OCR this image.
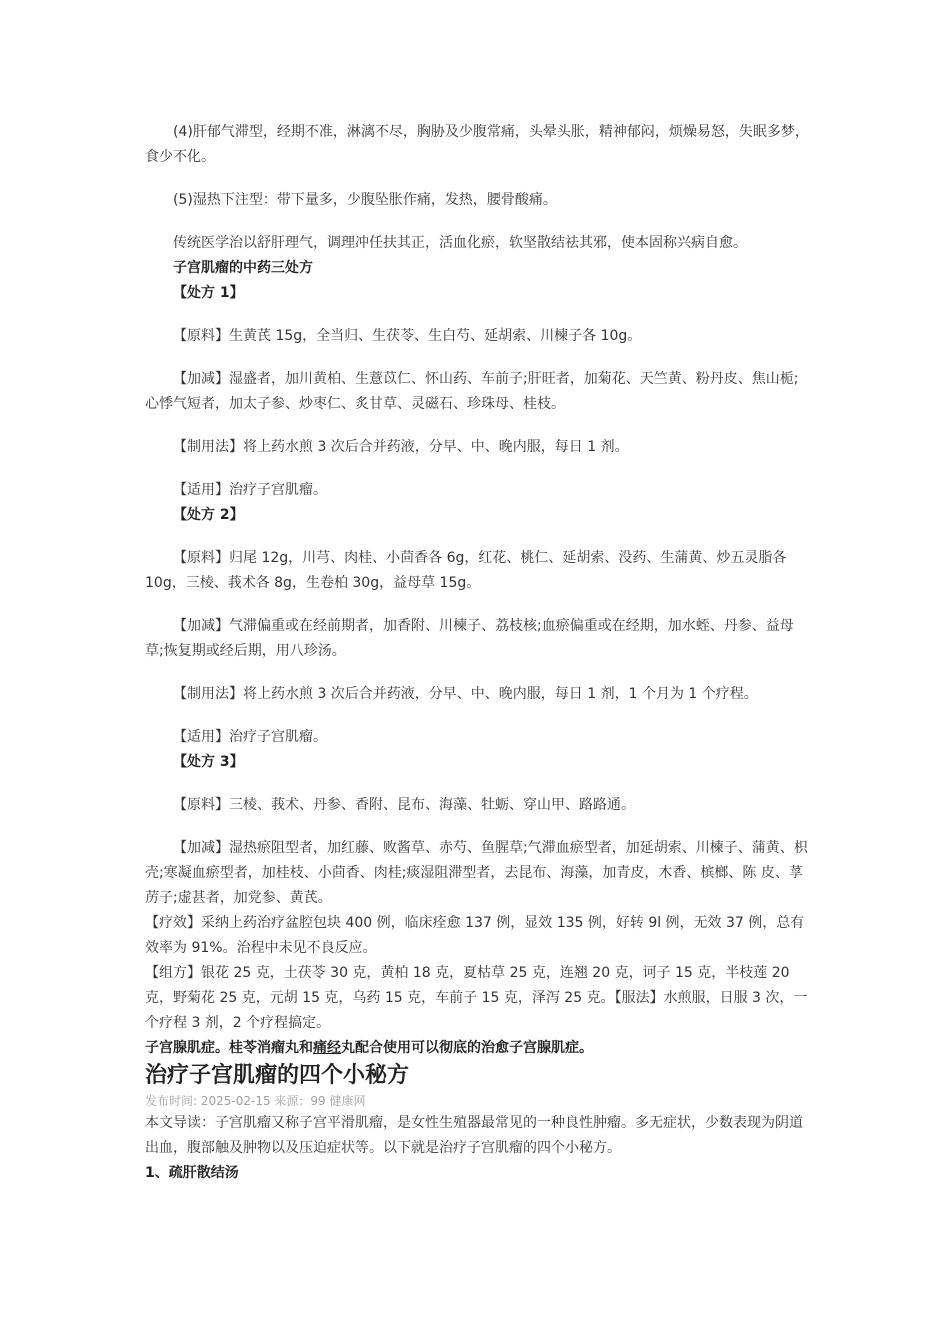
(4)肝郁气滞型，经期不准，淋漓不尽，胸胁及少腹常痛，头晕头胀，精神郁闷，烦燥易怒，失眠多梦，食少不化。

(5)湿热下注型：带下量多，少腹坠胀作痛，发热，腰骨酸痛。

传统医学治以舒肝理气，调理冲任扶其正，活血化瘀，软坚散结祛其邪，使本固称兴病自愈。

子宫肌瘤的中药三处方

【处方 1】

【原料】生黄芪 15g，全当归、生茯苓、生白芍、延胡索、川楝子各 10g。

【加减】湿盛者，加川黄柏、生薏苡仁、怀山药、车前子;肝旺者，加菊花、天竺黄、粉丹皮、焦山栀;心悸气短者，加太子参、炒枣仁、炙甘草、灵磁石、珍珠母、桂枝。

【制用法】将上药水煎 3 次后合并药液，分早、中、晚内服，每日 1 剂。

【适用】治疗子宫肌瘤。

【处方 2】

【原料】归尾 12g，川芎、肉桂、小茴香各 6g，红花、桃仁、延胡索、没药、生蒲黄、炒五灵脂各 10g，三棱、莪术各 8g，生卷柏 30g，益母草 15g。

【加减】气滞偏重或在经前期者，加香附、川楝子、荔枝核;血瘀偏重或在经期，加水蛭、丹参、益母草;恢复期或经后期，用八珍汤。

【制用法】将上药水煎 3 次后合并药液，分早、中、晚内服，每日 1 剂，1 个月为 1 个疗程。

【适用】治疗子宫肌瘤。

【处方 3】

【原料】三棱、莪术、丹参、香附、昆布、海藻、牡蛎、穿山甲、路路通。

【加减】湿热瘀阻型者，加红藤、败酱草、赤芍、鱼腥草;气滞血瘀型者，加延胡索、川楝子、蒲黄、枳壳;寒凝血瘀型者，加桂枝、小茴香、肉桂;痰湿阻滞型者，去昆布、海藻，加青皮，木香、槟榔、陈 皮、莩苈子;虚甚者，加党参、黄芪。

【疗效】采纳上药治疗盆腔包块 400 例，临床痊愈 137 例，显效 135 例，好转 9l 例，无效 37 例，总有效率为 91%。治程中未见不良反应。

【组方】银花 25 克，土茯苓 30 克，黄柏 18 克，夏枯草 25 克，连翘 20 克，诃子 15 克，半枝莲 20 克，野菊花 25 克，元胡 15 克，乌药 15 克，车前子 15 克，泽泻 25 克。【服法】水煎服，日服 3 次，一个疗程 3 剂，2 个疗程搞定。

子宫腺肌症。桂苓消瘤丸和痛经丸配合使用可以彻底的治愈子宫腺肌症。

治疗子宫肌瘤的四个小秘方

发布时间: 2025-02-15 来源：99 健康网

本文导读：子宫肌瘤又称子宫平滑肌瘤，是女性生殖器最常见的一种良性肿瘤。多无症状，少数表现为阴道出血，腹部触及肿物以及压迫症状等。以下就是治疗子宫肌瘤的四个小秘方。

1、疏肝散结汤
